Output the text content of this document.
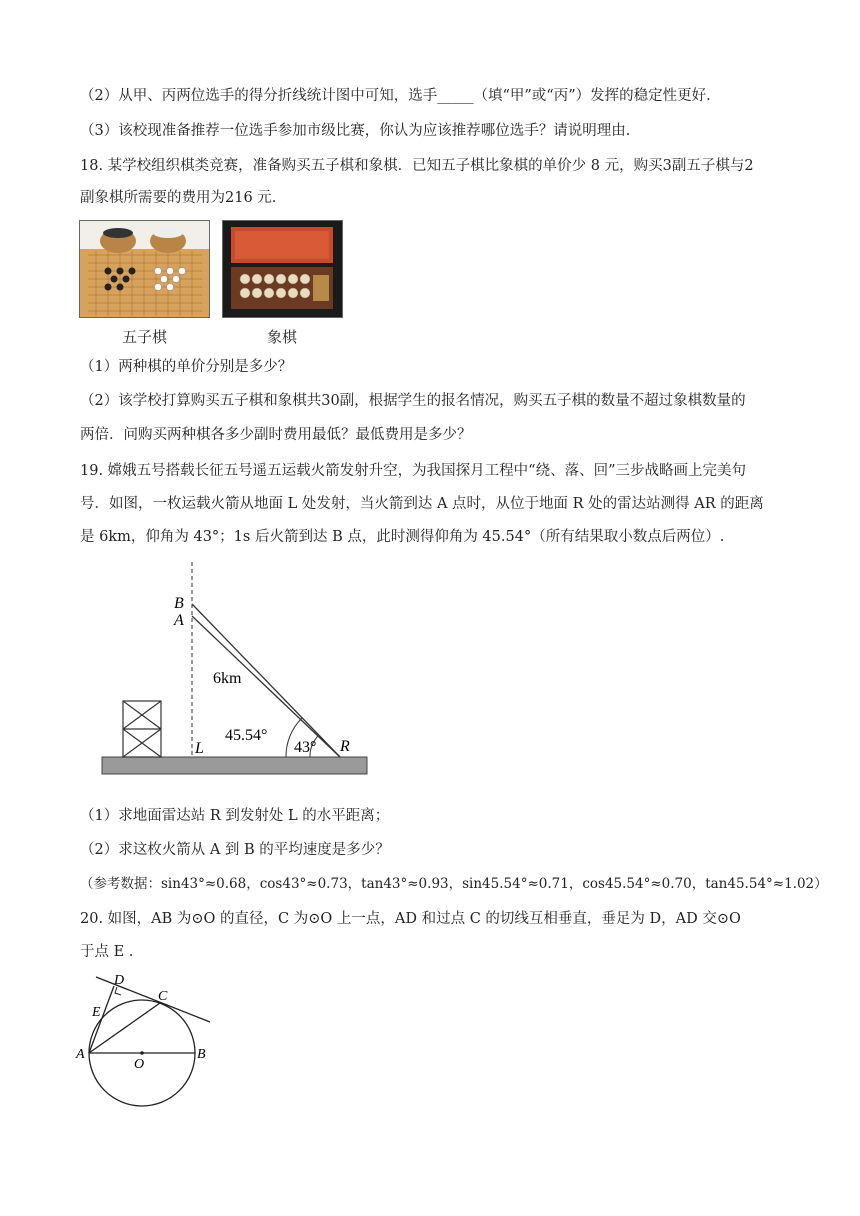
（2）从甲、丙两位选手的得分折线统计图中可知，选手_____（填“甲”或“丙”）发挥的稳定性更好.
（3）该校现准备推荐一位选手参加市级比赛，你认为应该推荐哪位选手？请说明理由.
18. 某学校组织棋类竞赛，准备购买五子棋和象棋．已知五子棋比象棋的单价少 8 元，购买3副五子棋与2
副象棋所需要的费用为216 元.
五子棋	象棋
（1）两种棋的单价分别是多少？
（2）该学校打算购买五子棋和象棋共30副，根据学生的报名情况，购买五子棋的数量不超过象棋数量的
两倍．问购买两种棋各多少副时费用最低？最低费用是多少？
19. 嫦娥五号搭载长征五号遥五运载火箭发射升空，为我国探月工程中“绕、落、回”三步战略画上完美句
号．如图，一枚运载火箭从地面 L 处发射，当火箭到达 A 点时，从位于地面 R 处的雷达站测得 AR 的距离
是 6km，仰角为 43°；1s 后火箭到达 B 点，此时测得仰角为 45.54°（所有结果取小数点后两位）.
B
A
6km
45.54°
43°
L	R
（1）求地面雷达站 R 到发射处 L 的水平距离；
（2）求这枚火箭从 A 到 B 的平均速度是多少？
（参考数据：sin43°≈0.68，cos43°≈0.73，tan43°≈0.93，sin45.54°≈0.71，cos45.54°≈0.70，tan45.54°≈1.02）
20. 如图，AB 为⊙O 的直径，C 为⊙O 上一点，AD 和过点 C 的切线互相垂直，垂足为 D，AD 交⊙O
于点 E .
D
C
E
A
O
B
